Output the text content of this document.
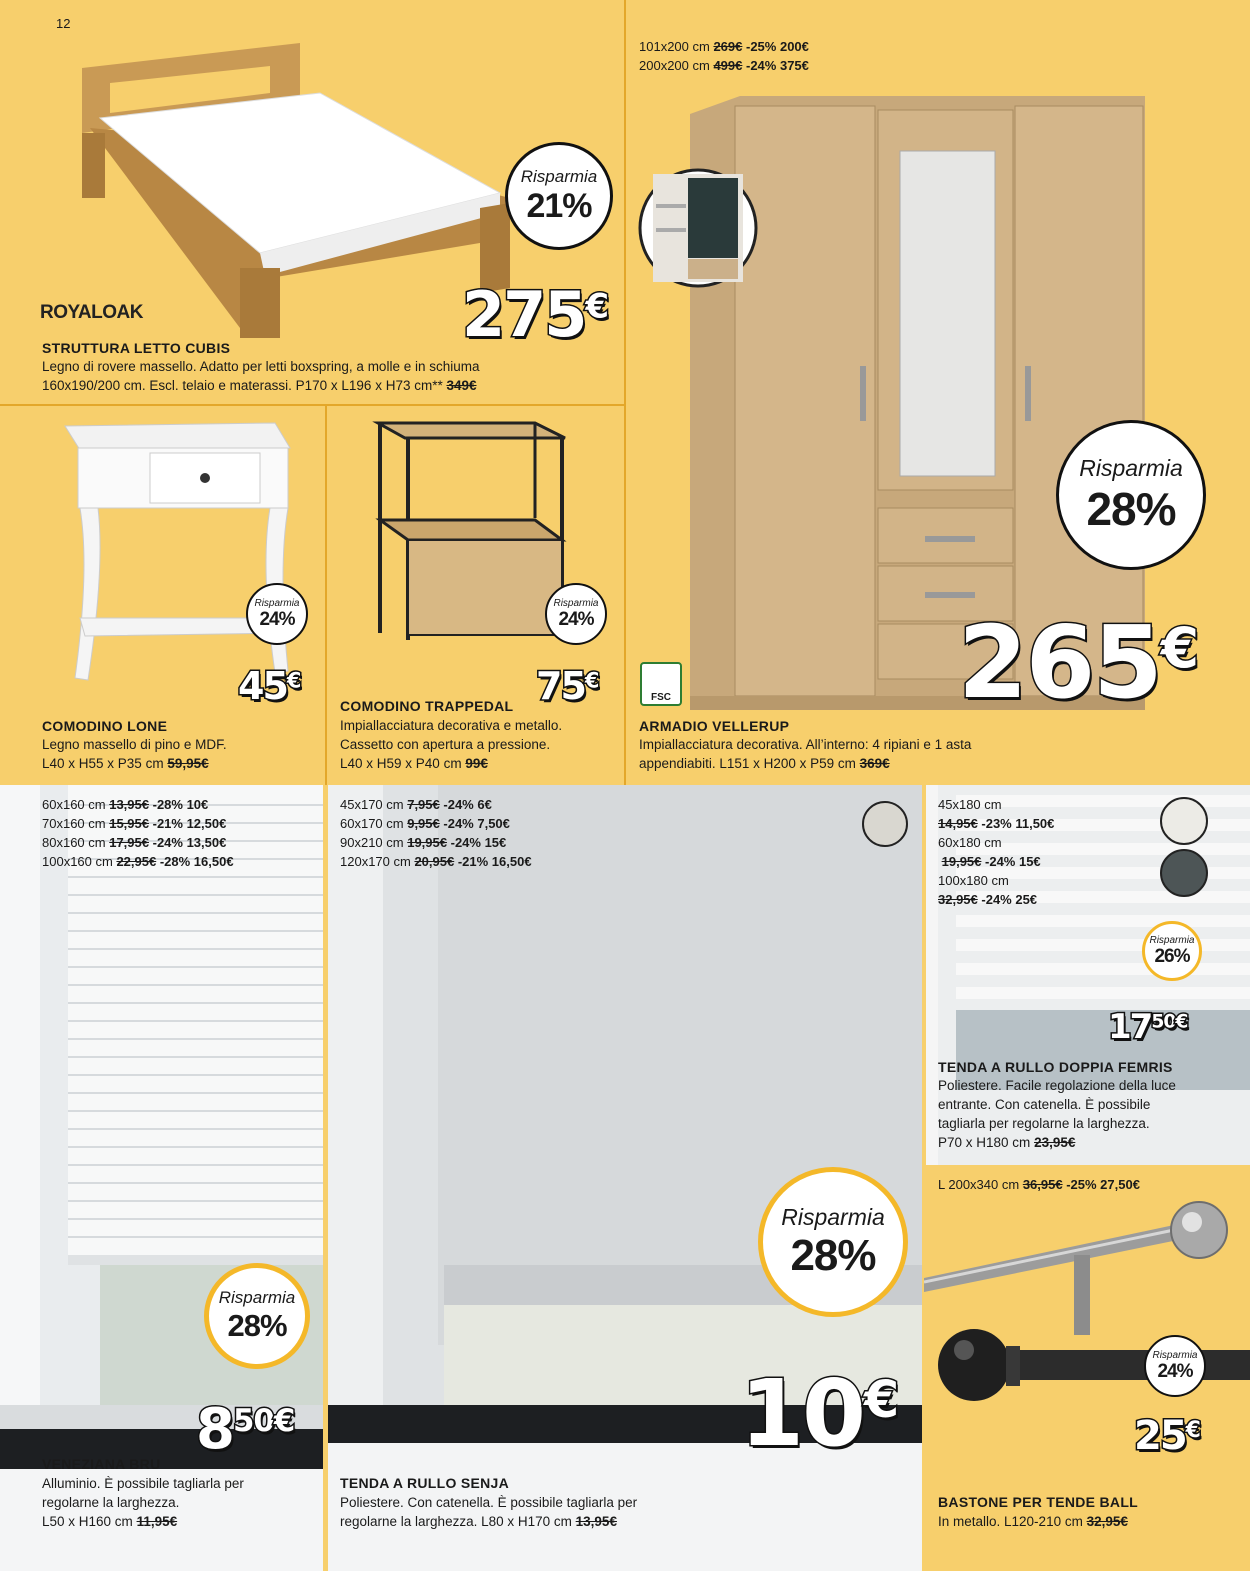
12
ROYALOAK
Risparmia
21%
275€
STRUTTURA LETTO CUBIS
Legno di rovere massello. Adatto per letti boxspring, a molle e in schiuma
160x190/200 cm. Escl. telaio e materassi. P170 x L196 x H73 cm** 349€
101x200 cm 269€ -25% 200€
200x200 cm 499€ -24% 375€
Risparmia
28%
265€
FSC
ARMADIO VELLERUP
Impiallacciatura decorativa. All’interno: 4 ripiani e 1 asta
appendiabiti. L151 x H200 x P59 cm 369€
Risparmia
24%
45€
COMODINO LONE
Legno massello di pino e MDF.
L40 x H55 x P35 cm 59,95€
Risparmia
24%
75€
COMODINO TRAPPEDAL
Impiallacciatura decorativa e metallo.
Cassetto con apertura a pressione.
L40 x H59 x P40 cm 99€
60x160 cm 13,95€ -28% 10€
70x160 cm 15,95€ -21% 12,50€
80x160 cm 17,95€ -24% 13,50€
100x160 cm 22,95€ -28% 16,50€
Risparmia
28%
$8^{50€}$
VENEZIANA BRU
Alluminio. È possibile tagliarla per
regolarne la larghezza.
L50 x H160 cm 11,95€
45x170 cm 7,95€ -24% 6€
60x170 cm 9,95€ -24% 7,50€
90x210 cm 19,95€ -24% 15€
120x170 cm 20,95€ -21% 16,50€
Risparmia
28%
10€
TENDA A RULLO SENJA
Poliestere. Con catenella. È possibile tagliarla per
regolarne la larghezza. L80 x H170 cm 13,95€
45x180 cm
14,95€ -23% 11,50€
60x180 cm
19,95€ -24% 15€
100x180 cm
32,95€ -24% 25€
Risparmia
26%
$17^{50€}$
TENDA A RULLO DOPPIA FEMRIS
Poliestere. Facile regolazione della luce
entrante. Con catenella. È possibile
tagliarla per regolarne la larghezza.
P70 x H180 cm 23,95€
L 200x340 cm 36,95€ -25% 27,50€
Risparmia
24%
25€
BASTONE PER TENDE BALL
In metallo. L120-210 cm 32,95€
